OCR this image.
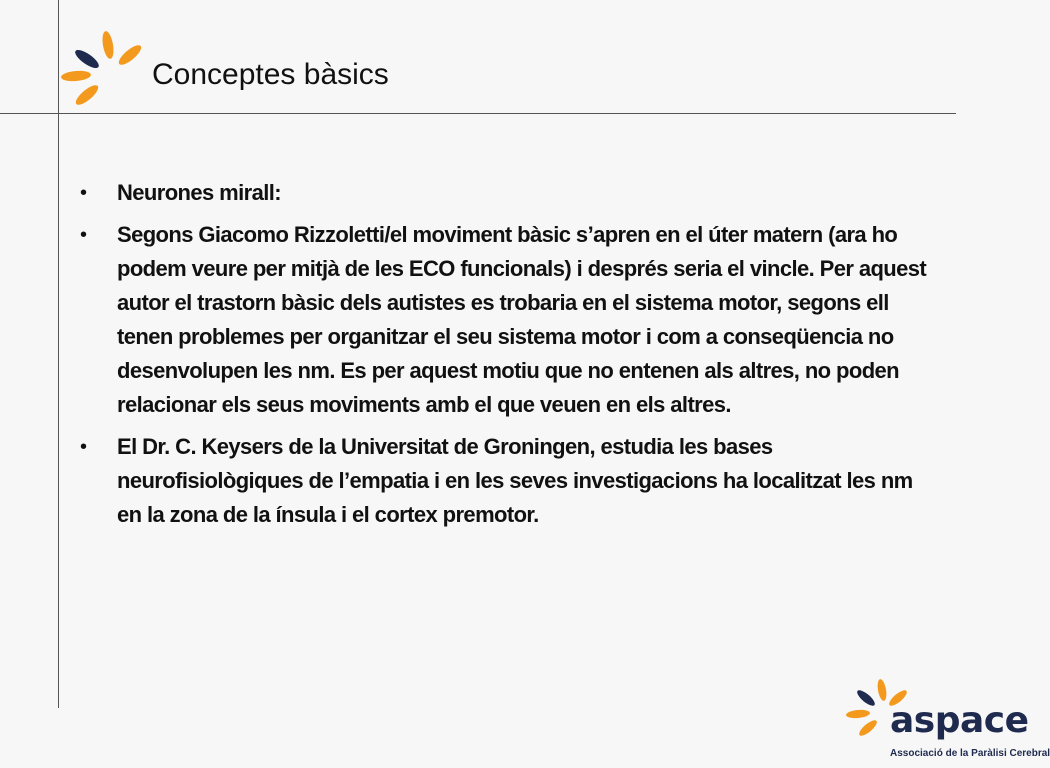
Conceptes bàsics
•	Neurones mirall:
•	Segons Giacomo Rizzoletti/el moviment bàsic s’apren en el úter matern (ara ho podem veure per mitjà de les ECO funcionals) i després seria el vincle. Per aquest autor el trastorn bàsic dels autistes es trobaria en el sistema motor, segons ell tenen problemes per organitzar el seu sistema motor i com a conseqüencia no desenvolupen les nm. Es per aquest motiu que no entenen als altres, no poden relacionar els seus moviments amb el que veuen en els altres.
•	El Dr. C. Keysers de la Universitat de Groningen, estudia les bases neurofisiològiques de l’empatia i en les seves investigacions ha localitzat les nm en la zona de la ínsula i el cortex premotor.
aspace
Associació de la Paràlisi Cerebral
